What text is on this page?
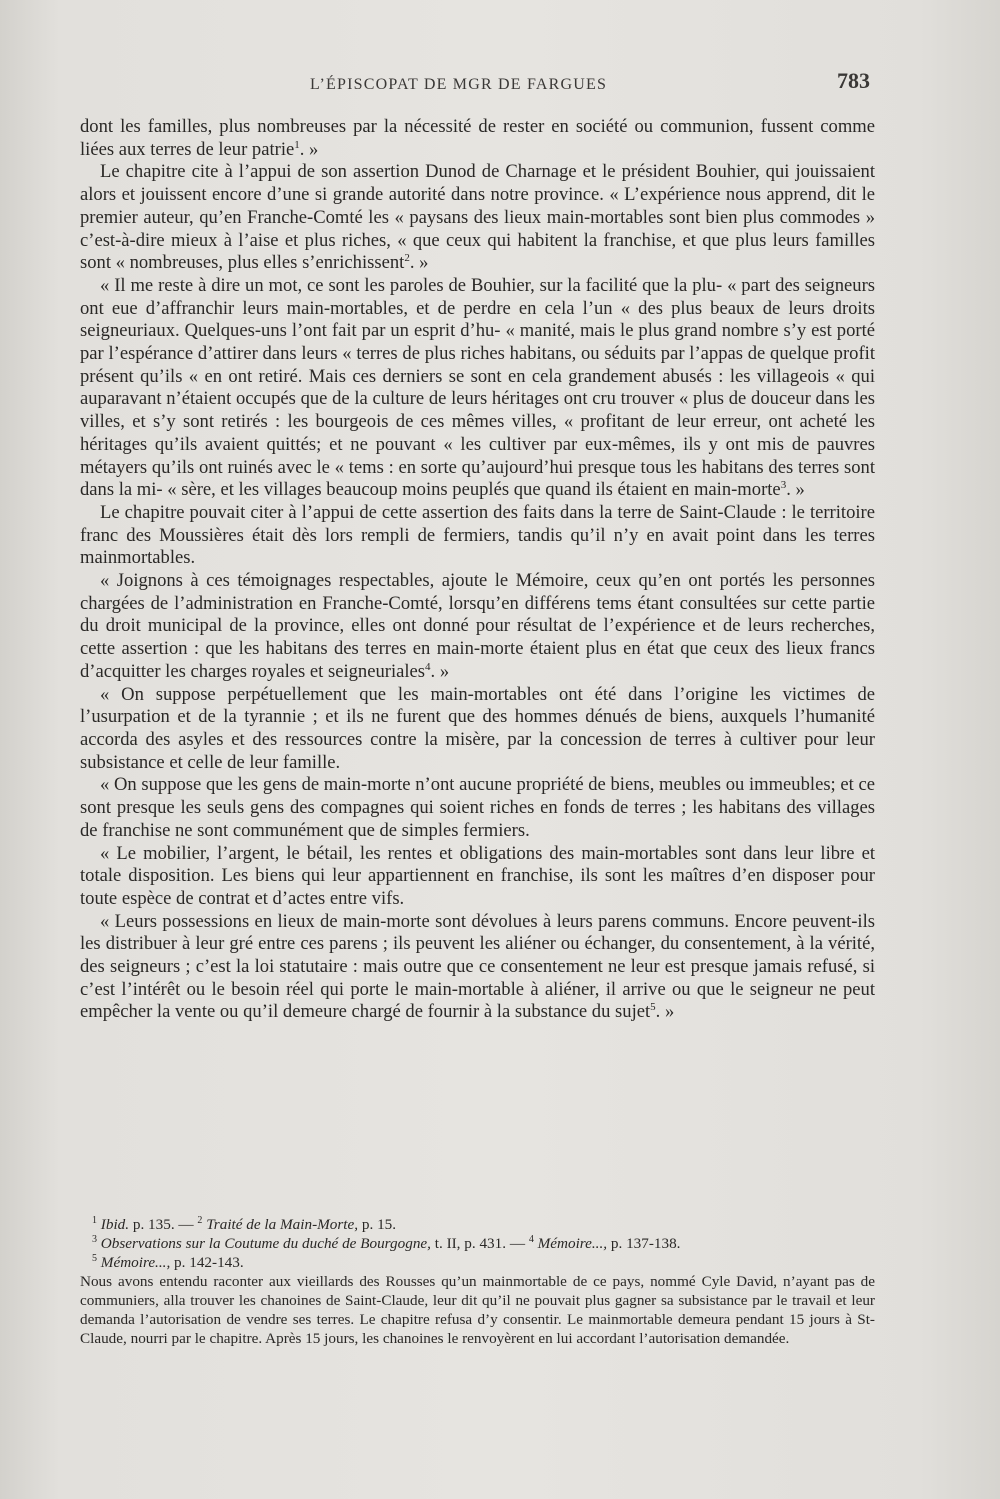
L’ÉPISCOPAT DE MGR DE FARGUES	783

dont les familles, plus nombreuses par la nécessité de rester en société ou communion, fussent comme liées aux terres de leur patrie$^1$. »

Le chapitre cite à l’appui de son assertion Dunod de Charnage et le président Bouhier, qui jouissaient alors et jouissent encore d’une si grande autorité dans notre province. « L’expérience nous apprend, dit le premier auteur, qu’en Franche-Comté les « paysans des lieux main-mortables sont bien plus commodes » c’est-à-dire mieux à l’aise et plus riches, « que ceux qui habitent la franchise, et que plus leurs familles sont « nombreuses, plus elles s’enrichissent$^2$. »

« Il me reste à dire un mot, ce sont les paroles de Bouhier, sur la facilité que la plu- « part des seigneurs ont eue d’affranchir leurs main-mortables, et de perdre en cela l’un « des plus beaux de leurs droits seigneuriaux. Quelques-uns l’ont fait par un esprit d’hu- « manité, mais le plus grand nombre s’y est porté par l’espérance d’attirer dans leurs « terres de plus riches habitans, ou séduits par l’appas de quelque profit présent qu’ils « en ont retiré. Mais ces derniers se sont en cela grandement abusés : les villageois « qui auparavant n’étaient occupés que de la culture de leurs héritages ont cru trouver « plus de douceur dans les villes, et s’y sont retirés : les bourgeois de ces mêmes villes, « profitant de leur erreur, ont acheté les héritages qu’ils avaient quittés; et ne pouvant « les cultiver par eux-mêmes, ils y ont mis de pauvres métayers qu’ils ont ruinés avec le « tems : en sorte qu’aujourd’hui presque tous les habitans des terres sont dans la mi- « sère, et les villages beaucoup moins peuplés que quand ils étaient en main-morte$^3$. »

Le chapitre pouvait citer à l’appui de cette assertion des faits dans la terre de Saint-Claude : le territoire franc des Moussières était dès lors rempli de fermiers, tandis qu’il n’y en avait point dans les terres mainmortables.

« Joignons à ces témoignages respectables, ajoute le Mémoire, ceux qu’en ont portés les personnes chargées de l’administration en Franche-Comté, lorsqu’en différens tems étant consultées sur cette partie du droit municipal de la province, elles ont donné pour résultat de l’expérience et de leurs recherches, cette assertion : que les habitans des terres en main-morte étaient plus en état que ceux des lieux francs d’acquitter les charges royales et seigneuriales$^4$. »

« On suppose perpétuellement que les main-mortables ont été dans l’origine les victimes de l’usurpation et de la tyrannie ; et ils ne furent que des hommes dénués de biens, auxquels l’humanité accorda des asyles et des ressources contre la misère, par la concession de terres à cultiver pour leur subsistance et celle de leur famille.

« On suppose que les gens de main-morte n’ont aucune propriété de biens, meubles ou immeubles; et ce sont presque les seuls gens des compagnes qui soient riches en fonds de terres ; les habitans des villages de franchise ne sont communément que de simples fermiers.

« Le mobilier, l’argent, le bétail, les rentes et obligations des main-mortables sont dans leur libre et totale disposition. Les biens qui leur appartiennent en franchise, ils sont les maîtres d’en disposer pour toute espèce de contrat et d’actes entre vifs.

« Leurs possessions en lieux de main-morte sont dévolues à leurs parens communs. Encore peuvent-ils les distribuer à leur gré entre ces parens ; ils peuvent les aliéner ou échanger, du consentement, à la vérité, des seigneurs ; c’est la loi statutaire : mais outre que ce consentement ne leur est presque jamais refusé, si c’est l’intérêt ou le besoin réel qui porte le main-mortable à aliéner, il arrive ou que le seigneur ne peut empêcher la vente ou qu’il demeure chargé de fournir à la substance du sujet$^5$. »

$^1$ Ibid. p. 135. — $^2$ Traité de la Main-Morte, p. 15.

$^3$ Observations sur la Coutume du duché de Bourgogne, t. II, p. 431. — $^4$ Mémoire..., p. 137-138.

$^5$ Mémoire..., p. 142-143.

Nous avons entendu raconter aux vieillards des Rousses qu’un mainmortable de ce pays, nommé Cyle David, n’ayant pas de communiers, alla trouver les chanoines de Saint-Claude, leur dit qu’il ne pouvait plus gagner sa subsistance par le travail et leur demanda l’autorisation de vendre ses terres. Le chapitre refusa d’y consentir. Le mainmortable demeura pendant 15 jours à St-Claude, nourri par le chapitre. Après 15 jours, les chanoines le renvoyèrent en lui accordant l’autorisation demandée.
